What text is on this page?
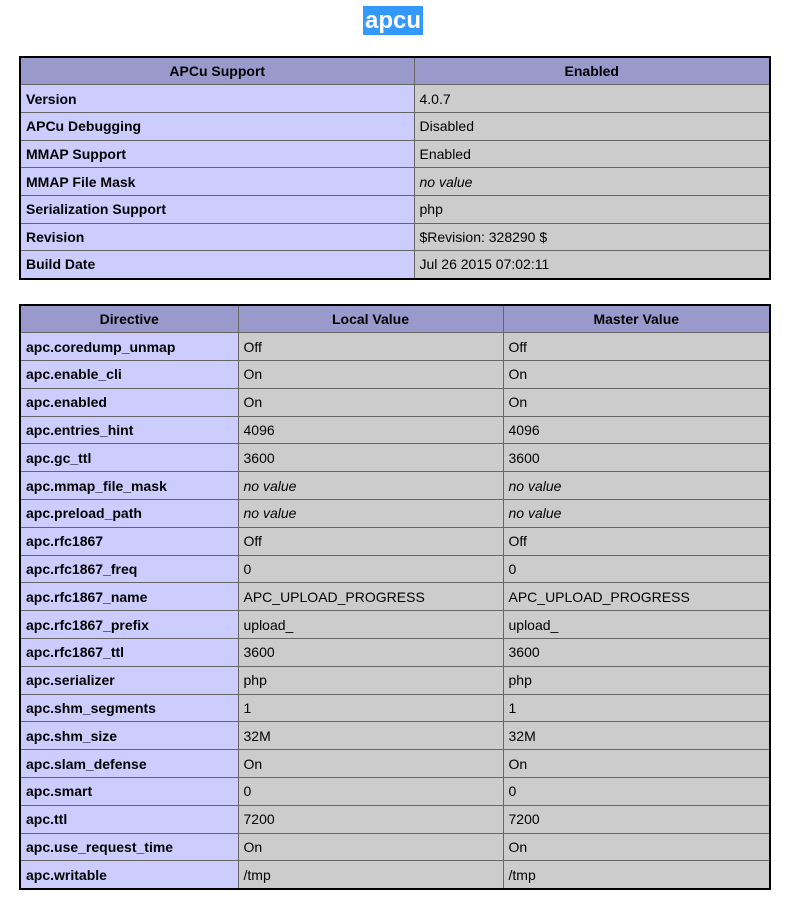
apcu
APCu Support	Enabled
Version	4.0.7
APCu Debugging	Disabled
MMAP Support	Enabled
MMAP File Mask	no value
Serialization Support	php
Revision	$Revision: 328290 $
Build Date	Jul 26 2015 07:02:11
Directive	Local Value	Master Value
apc.coredump_unmap	Off	Off
apc.enable_cli	On	On
apc.enabled	On	On
apc.entries_hint	4096	4096
apc.gc_ttl	3600	3600
apc.mmap_file_mask	no value	no value
apc.preload_path	no value	no value
apc.rfc1867	Off	Off
apc.rfc1867_freq	0	0
apc.rfc1867_name	APC_UPLOAD_PROGRESS	APC_UPLOAD_PROGRESS
apc.rfc1867_prefix	upload_	upload_
apc.rfc1867_ttl	3600	3600
apc.serializer	php	php
apc.shm_segments	1	1
apc.shm_size	32M	32M
apc.slam_defense	On	On
apc.smart	0	0
apc.ttl	7200	7200
apc.use_request_time	On	On
apc.writable	/tmp	/tmp
